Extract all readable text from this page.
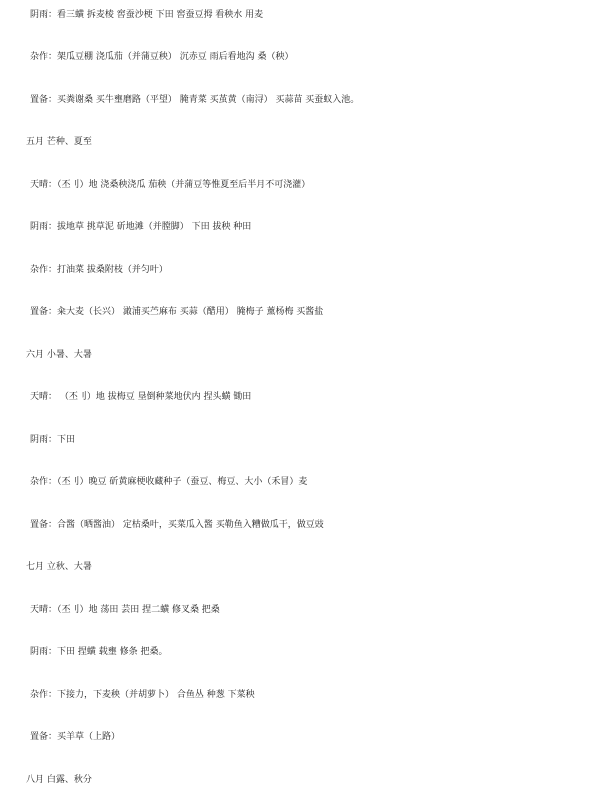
阴雨：看三蟥 拆麦棱 窖蚕沙梗 下田 窖蚕豆拇 看秧水 用麦
杂作：架瓜豆棚 浇瓜茄（并蒲豆秧） 沉赤豆 雨后看地沟 桑（秧）
置备：买粪谢桑 买牛壅磨路（平望） 腌青菜 买茧黄（南浔） 买蒜苗 买蚕蚁入池。
五月 芒种、夏至
天晴：（丕刂）地 浇桑秧浇瓜 茄秧（并蒲豆等惟夏至后半月不可浇灌）
阴雨：拔地草 挑草泥 斫地滩（并膛脚） 下田 拔秧 种田
杂作：打油菜 拔桑附枝（并匀叶）
置备：籴大麦（长兴） 澉浦买苎麻布 买蒜（醋用） 腌梅子 薰杨梅 买酱盐
六月 小暑、大暑
天晴： （丕刂）地 拔梅豆 垦倒种菜地伏内 捏头蟥 锄田
阴雨：下田
杂作：（丕刂）晚豆 斫黄麻梗收藏种子（蚕豆、梅豆、大小（禾冒）麦
置备：合酱（晒酱油） 定枯桑叶，买菜瓜入酱 买勒鱼入糟做瓜干，做豆豉
七月 立秋、大暑
天晴：（丕刂）地 荡田 芸田 捏二蟥 修叉桑 把桑
阴雨：下田 捏蟥 载壅 修条 把桑。
杂作：下接力，下麦秧（并胡萝卜） 合鱼丛 种葱 下菜秧
置备：买羊草（上路）
八月 白露、秋分
